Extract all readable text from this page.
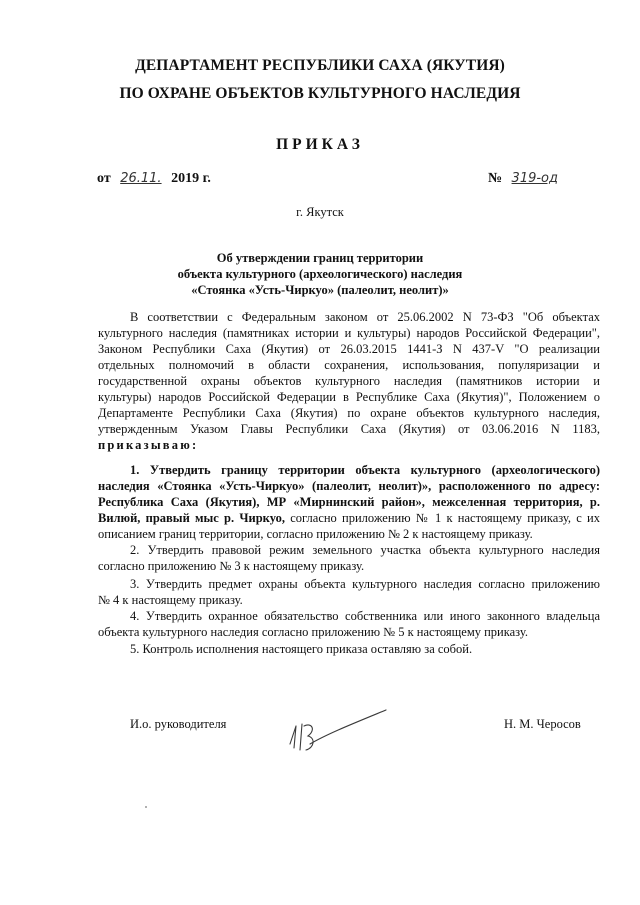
ДЕПАРТАМЕНТ РЕСПУБЛИКИ САХА (ЯКУТИЯ)
ПО ОХРАНЕ ОБЪЕКТОВ КУЛЬТУРНОГО НАСЛЕДИЯ
ПРИКАЗ
от 26.11. 2019 г.	№ 319-од
г. Якутск
Об утверждении границ территории
объекта культурного (археологического) наследия
«Стоянка «Усть-Чиркуо» (палеолит, неолит)»
В соответствии с Федеральным законом от 25.06.2002 N 73-ФЗ "Об объектах
культурного наследия (памятниках истории и культуры) народов Российской Федерации",
Законом Республики Саха (Якутия) от 26.03.2015 1441-З N 437-V "О реализации
отдельных полномочий в области сохранения, использования, популяризации и
государственной охраны объектов культурного наследия (памятников истории и
культуры) народов Российской Федерации в Республике Саха (Якутия)", Положением о
Департаменте Республики Саха (Якутия) по охране объектов культурного наследия,
утвержденным Указом Главы Республики Саха (Якутия) от 03.06.2016 N 1183,
приказываю:
1. Утвердить границу территории объекта культурного (археологического)
наследия «Стоянка «Усть-Чиркуо» (палеолит, неолит)», расположенного по адресу:
Республика Саха (Якутия), МР «Мирнинский район», межселенная территория, р.
Вилюй, правый мыс р. Чиркуо, согласно приложению № 1 к настоящему приказу, с их
описанием границ территории, согласно приложению № 2 к настоящему приказу.
2. Утвердить правовой режим земельного участка объекта культурного наследия
согласно приложению № 3 к настоящему приказу.
3. Утвердить предмет охраны объекта культурного наследия согласно приложению
№ 4 к настоящему приказу.
4. Утвердить охранное обязательство собственника или иного законного владельца
объекта культурного наследия согласно приложению № 5 к настоящему приказу.
5. Контроль исполнения настоящего приказа оставляю за собой.
И.о. руководителя	Н. М. Черосов
